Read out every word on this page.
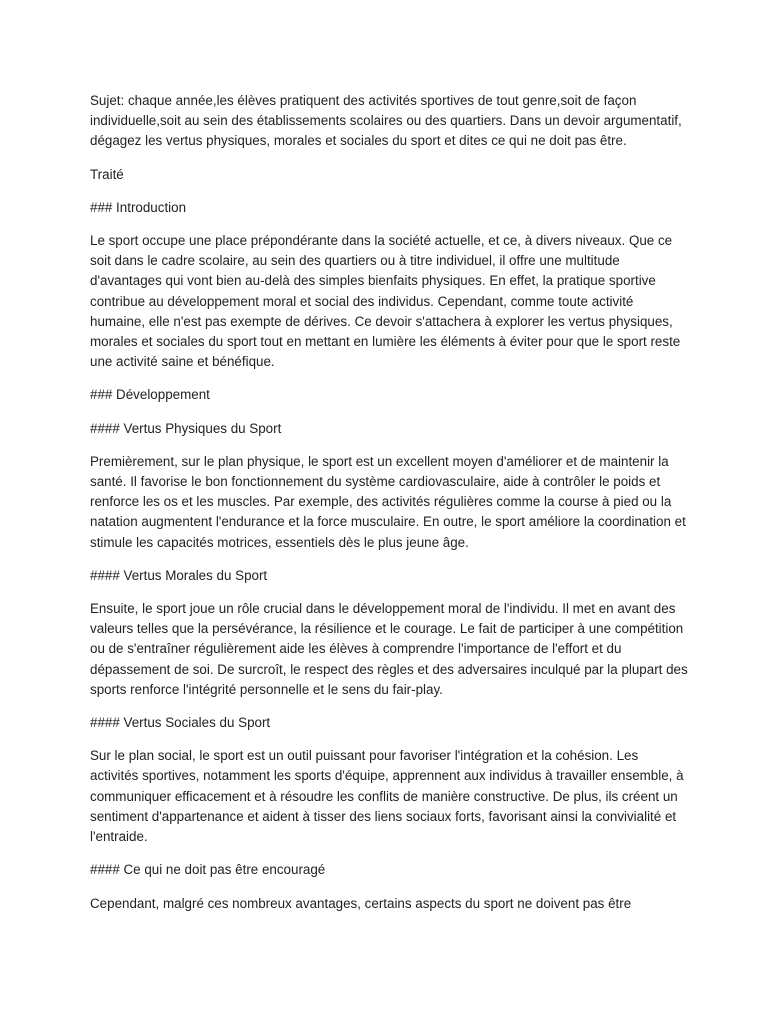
Sujet: chaque année,les élèves pratiquent des activités sportives de tout genre,soit de façon individuelle,soit au sein des établissements scolaires ou des quartiers. Dans un devoir argumentatif, dégagez les vertus physiques, morales et sociales du sport et dites ce qui ne doit pas être.

Traité

### Introduction

Le sport occupe une place prépondérante dans la société actuelle, et ce, à divers niveaux. Que ce soit dans le cadre scolaire, au sein des quartiers ou à titre individuel, il offre une multitude d'avantages qui vont bien au-delà des simples bienfaits physiques. En effet, la pratique sportive contribue au développement moral et social des individus. Cependant, comme toute activité humaine, elle n'est pas exempte de dérives. Ce devoir s'attachera à explorer les vertus physiques, morales et sociales du sport tout en mettant en lumière les éléments à éviter pour que le sport reste une activité saine et bénéfique.

### Développement

#### Vertus Physiques du Sport

Premièrement, sur le plan physique, le sport est un excellent moyen d'améliorer et de maintenir la santé. Il favorise le bon fonctionnement du système cardiovasculaire, aide à contrôler le poids et renforce les os et les muscles. Par exemple, des activités régulières comme la course à pied ou la natation augmentent l'endurance et la force musculaire. En outre, le sport améliore la coordination et stimule les capacités motrices, essentiels dès le plus jeune âge.

#### Vertus Morales du Sport

Ensuite, le sport joue un rôle crucial dans le développement moral de l'individu. Il met en avant des valeurs telles que la persévérance, la résilience et le courage. Le fait de participer à une compétition ou de s'entraîner régulièrement aide les élèves à comprendre l'importance de l'effort et du dépassement de soi. De surcroît, le respect des règles et des adversaires inculqué par la plupart des sports renforce l'intégrité personnelle et le sens du fair-play.

#### Vertus Sociales du Sport

Sur le plan social, le sport est un outil puissant pour favoriser l'intégration et la cohésion. Les activités sportives, notamment les sports d'équipe, apprennent aux individus à travailler ensemble, à communiquer efficacement et à résoudre les conflits de manière constructive. De plus, ils créent un sentiment d'appartenance et aident à tisser des liens sociaux forts, favorisant ainsi la convivialité et l'entraide.

#### Ce qui ne doit pas être encouragé

Cependant, malgré ces nombreux avantages, certains aspects du sport ne doivent pas être
